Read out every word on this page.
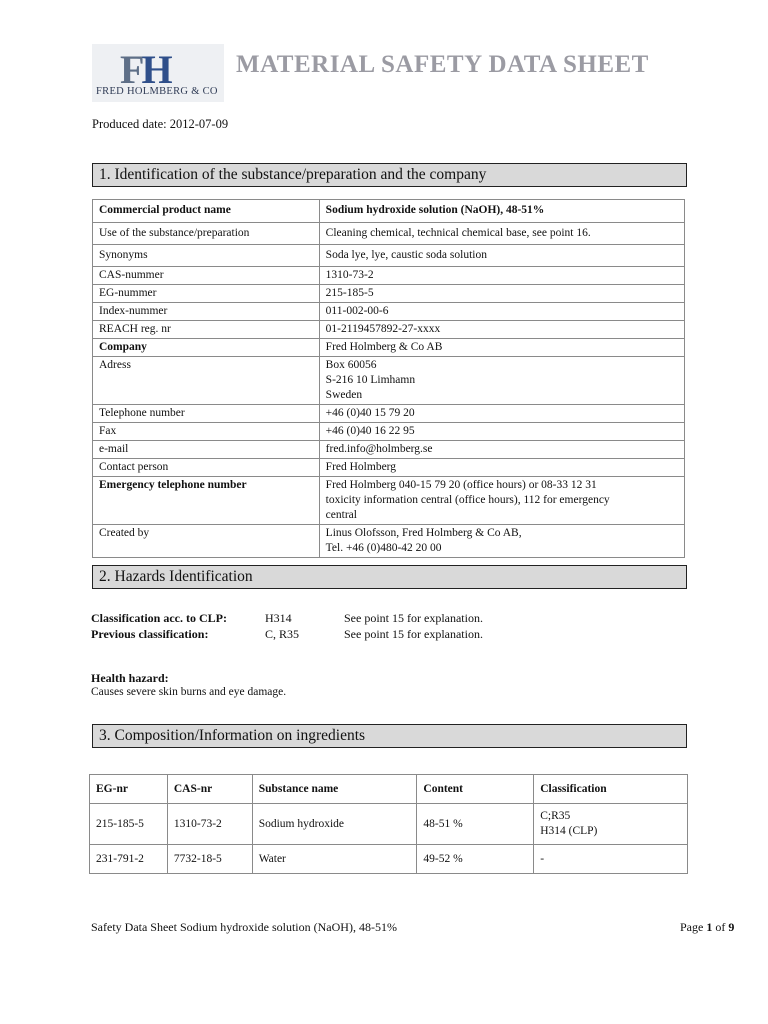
FH
FRED HOLMBERG & CO
MATERIAL SAFETY DATA SHEET
Produced date: 2012-07-09
1. Identification of the substance/preparation and the company
Commercial product name	Sodium hydroxide solution (NaOH), 48-51%
Use of the substance/preparation	Cleaning chemical, technical chemical base, see point 16.
Synonyms	Soda lye, lye, caustic soda solution
CAS-nummer	1310-73-2
EG-nummer	215-185-5
Index-nummer	011-002-00-6
REACH reg. nr	01-2119457892-27-xxxx
Company	Fred Holmberg & Co AB
Adress	Box 60056
S-216 10 Limhamn
Sweden
Telephone number	+46 (0)40 15 79 20
Fax	+46 (0)40 16 22 95
e-mail	fred.info@holmberg.se
Contact person	Fred Holmberg
Emergency telephone number	Fred Holmberg 040-15 79 20 (office hours) or 08-33 12 31
toxicity information central (office hours), 112 for emergency
central
Created by	Linus Olofsson, Fred Holmberg & Co AB,
Tel. +46 (0)480-42 20 00
2. Hazards Identification
Classification acc. to CLP:	H314	See point 15 for explanation.
Previous classification:	C, R35	See point 15 for explanation.
Health hazard:
Causes severe skin burns and eye damage.
3. Composition/Information on ingredients
EG-nr	CAS-nr	Substance name	Content	Classification
215-185-5	1310-73-2	Sodium hydroxide	48-51 %	C;R35
H314 (CLP)
231-791-2	7732-18-5	Water	49-52 %	-
Safety Data Sheet Sodium hydroxide solution (NaOH), 48-51%	Page 1 of 9
